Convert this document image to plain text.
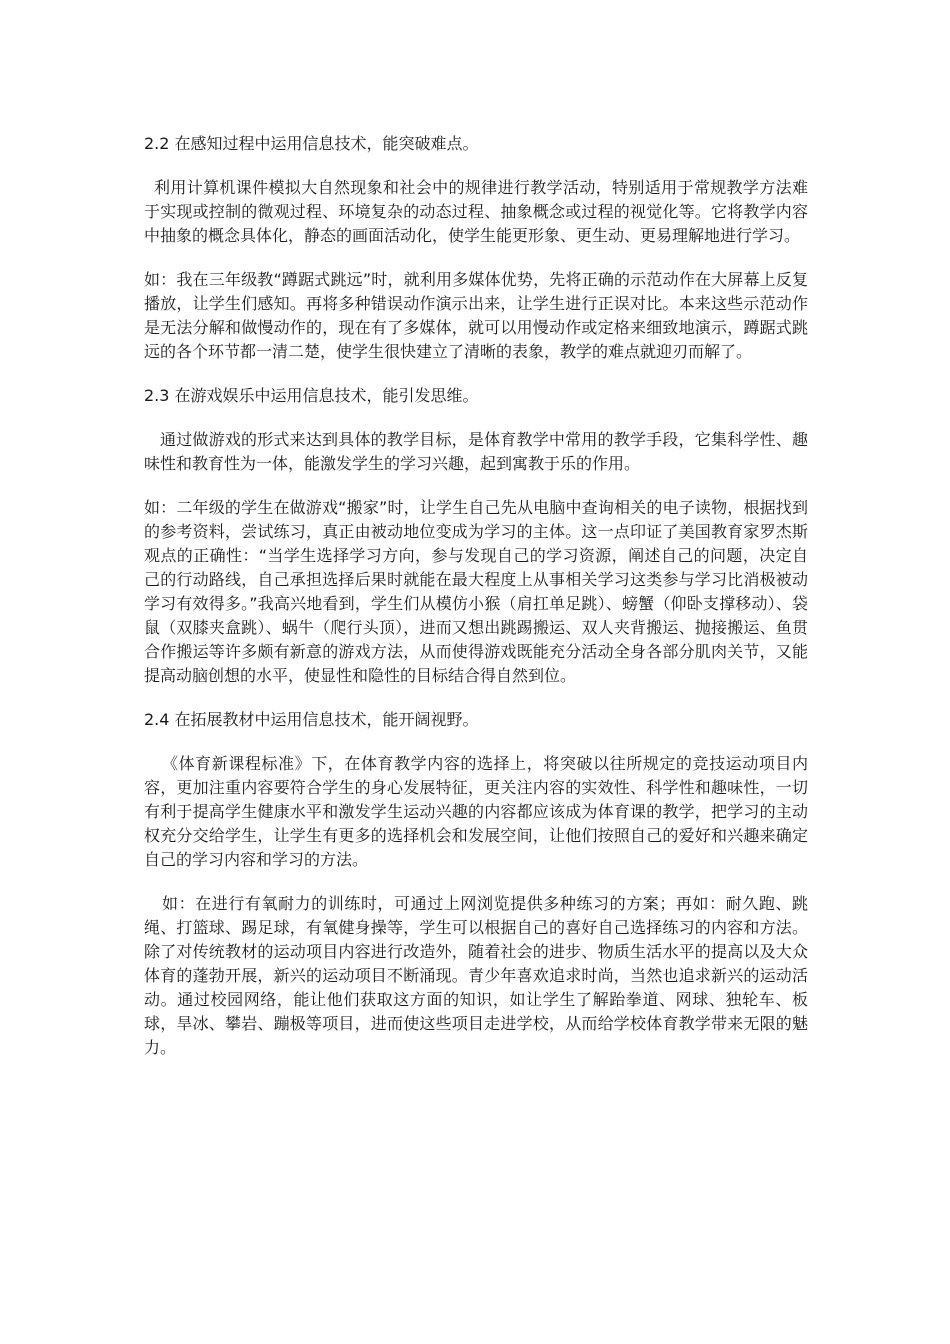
2.2 在感知过程中运用信息技术，能突破难点。

利用计算机课件模拟大自然现象和社会中的规律进行教学活动，特别适用于常规教学方法难于实现或控制的微观过程、环境复杂的动态过程、抽象概念或过程的视觉化等。它将教学内容中抽象的概念具体化，静态的画面活动化，使学生能更形象、更生动、更易理解地进行学习。

如：我在三年级教“蹲踞式跳远”时，就利用多媒体优势，先将正确的示范动作在大屏幕上反复播放，让学生们感知。再将多种错误动作演示出来，让学生进行正误对比。本来这些示范动作是无法分解和做慢动作的，现在有了多媒体，就可以用慢动作或定格来细致地演示，蹲踞式跳远的各个环节都一清二楚，使学生很快建立了清晰的表象，教学的难点就迎刃而解了。

2.3 在游戏娱乐中运用信息技术，能引发思维。

通过做游戏的形式来达到具体的教学目标，是体育教学中常用的教学手段，它集科学性、趣味性和教育性为一体，能激发学生的学习兴趣，起到寓教于乐的作用。

如：二年级的学生在做游戏“搬家”时，让学生自己先从电脑中查询相关的电子读物，根据找到的参考资料，尝试练习，真正由被动地位变成为学习的主体。这一点印证了美国教育家罗杰斯观点的正确性：“当学生选择学习方向，参与发现自己的学习资源，阐述自己的问题，决定自己的行动路线，自己承担选择后果时就能在最大程度上从事相关学习这类参与学习比消极被动学习有效得多。”我高兴地看到，学生们从模仿小猴（肩扛单足跳）、螃蟹（仰卧支撑移动）、袋鼠（双膝夹盒跳）、蜗牛（爬行头顶），进而又想出跳踢搬运、双人夹背搬运、抛接搬运、鱼贯合作搬运等许多颇有新意的游戏方法，从而使得游戏既能充分活动全身各部分肌肉关节，又能提高动脑创想的水平，使显性和隐性的目标结合得自然到位。

2.4 在拓展教材中运用信息技术，能开阔视野。

《体育新课程标准》下，在体育教学内容的选择上，将突破以往所规定的竞技运动项目内容，更加注重内容要符合学生的身心发展特征，更关注内容的实效性、科学性和趣味性，一切有利于提高学生健康水平和激发学生运动兴趣的内容都应该成为体育课的教学，把学习的主动权充分交给学生，让学生有更多的选择机会和发展空间，让他们按照自己的爱好和兴趣来确定自己的学习内容和学习的方法。

如：在进行有氧耐力的训练时，可通过上网浏览提供多种练习的方案；再如：耐久跑、跳绳、打篮球、踢足球，有氧健身操等，学生可以根据自己的喜好自己选择练习的内容和方法。除了对传统教材的运动项目内容进行改造外，随着社会的进步、物质生活水平的提高以及大众体育的蓬勃开展，新兴的运动项目不断涌现。青少年喜欢追求时尚，当然也追求新兴的运动活动。通过校园网络，能让他们获取这方面的知识，如让学生了解跆拳道、网球、独轮车、板球，旱冰、攀岩、蹦极等项目，进而使这些项目走进学校，从而给学校体育教学带来无限的魅力。
